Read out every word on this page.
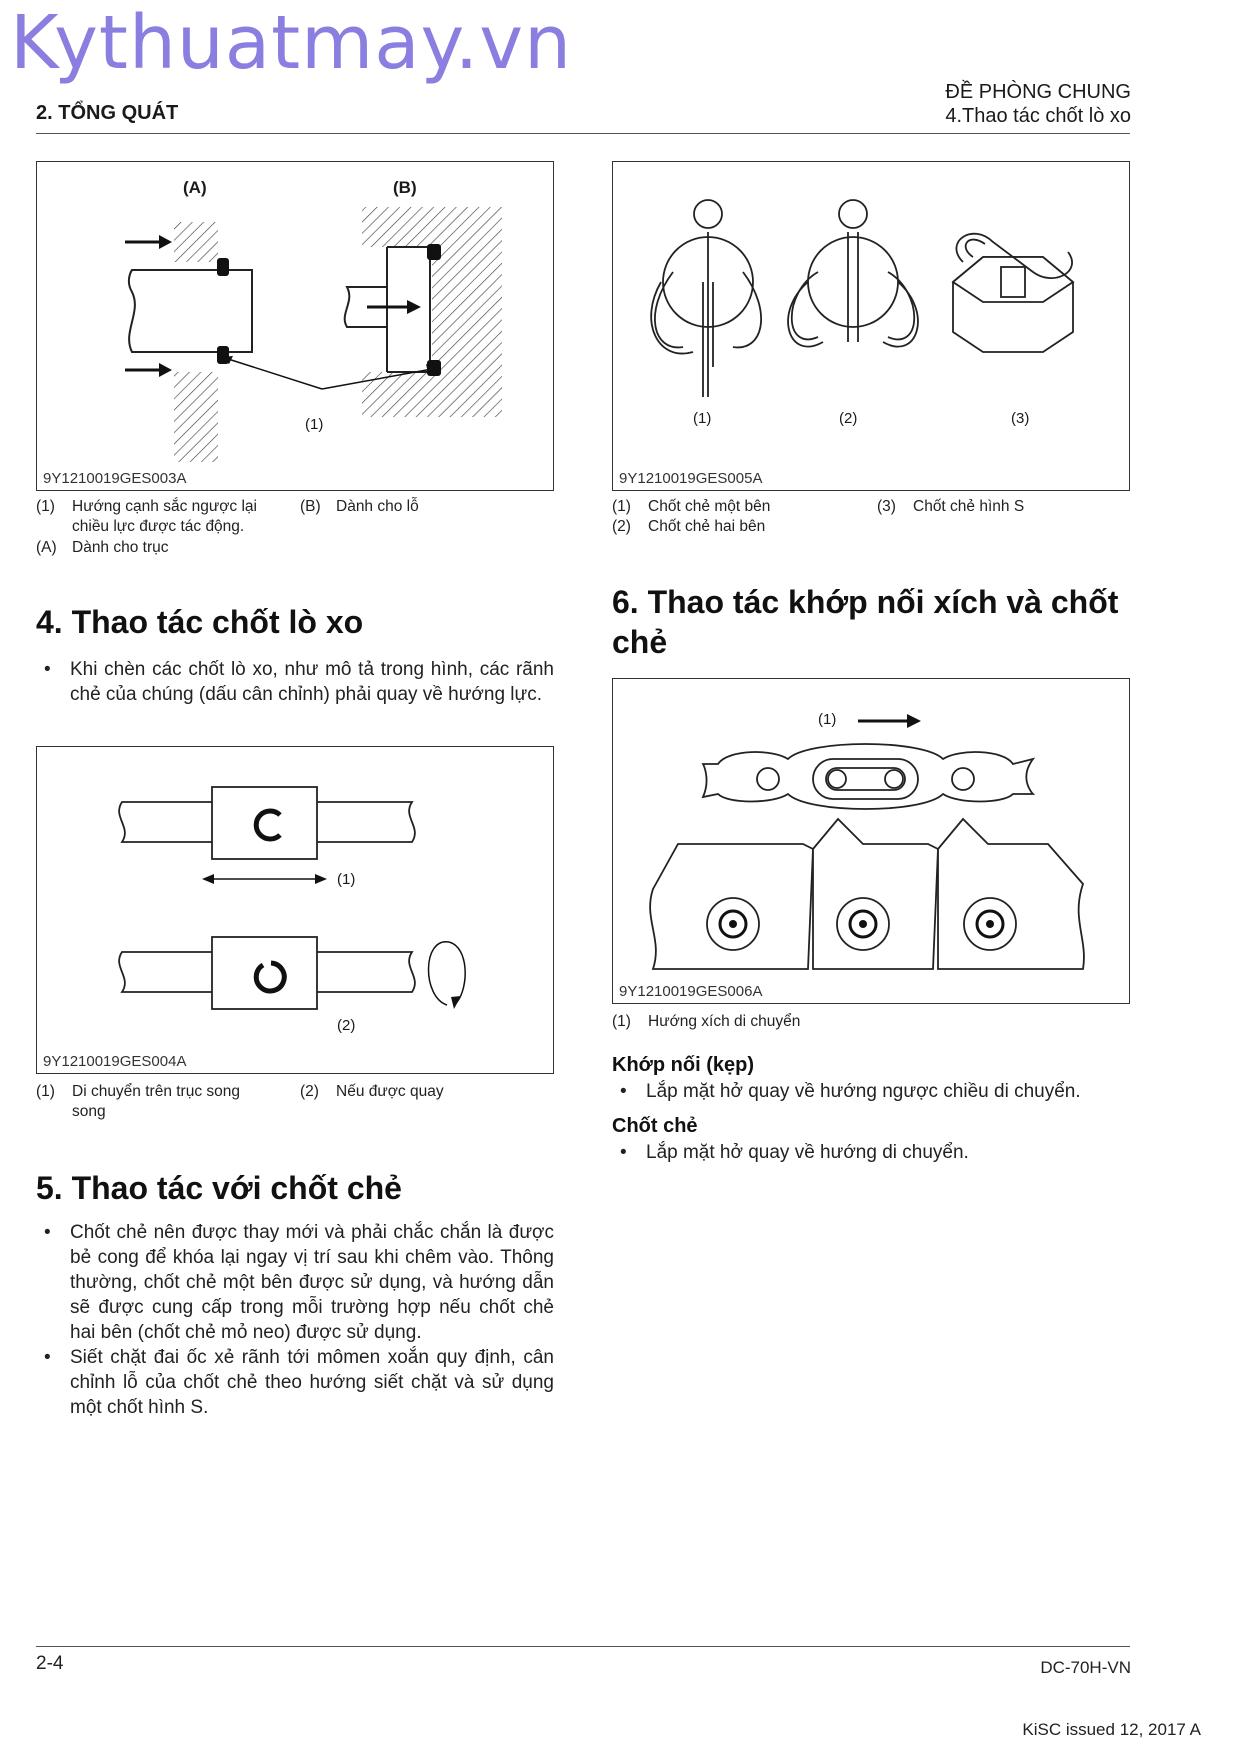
Kythuatmay.vn
2. TỔNG QUÁT
ĐỀ PHÒNG CHUNG
4.Thao tác chốt lò xo
(A)	(B)
(1)
9Y1210019GES003A
(1) Hướng cạnh sắc ngược lại chiều lực được tác động.
(B) Dành cho lỗ
(A) Dành cho trục
(1)	(2)	(3)
9Y1210019GES005A
(1) Chốt chẻ một bên	(3) Chốt chẻ hình S
(2) Chốt chẻ hai bên
4. Thao tác chốt lò xo

• Khi chèn các chốt lò xo, như mô tả trong hình, các rãnh chẻ của chúng (dấu cân chỉnh) phải quay về hướng lực.

(1)
(2)
9Y1210019GES004A
(1) Di chuyển trên trục song song
(2) Nếu được quay
5. Thao tác với chốt chẻ

• Chốt chẻ nên được thay mới và phải chắc chắn là được bẻ cong để khóa lại ngay vị trí sau khi chêm vào. Thông thường, chốt chẻ một bên được sử dụng, và hướng dẫn sẽ được cung cấp trong mỗi trường hợp nếu chốt chẻ hai bên (chốt chẻ mỏ neo) được sử dụng.

• Siết chặt đai ốc xẻ rãnh tới mômen xoắn quy định, cân chỉnh lỗ của chốt chẻ theo hướng siết chặt và sử dụng một chốt hình S.

6. Thao tác khớp nối xích và chốt chẻ
(1)
9Y1210019GES006A
(1) Hướng xích di chuyển
Khớp nối (kẹp)

• Lắp mặt hở quay về hướng ngược chiều di chuyển.

Chốt chẻ

• Lắp mặt hở quay về hướng di chuyển.

2-4	DC-70H-VN
KiSC issued 12, 2017 A
